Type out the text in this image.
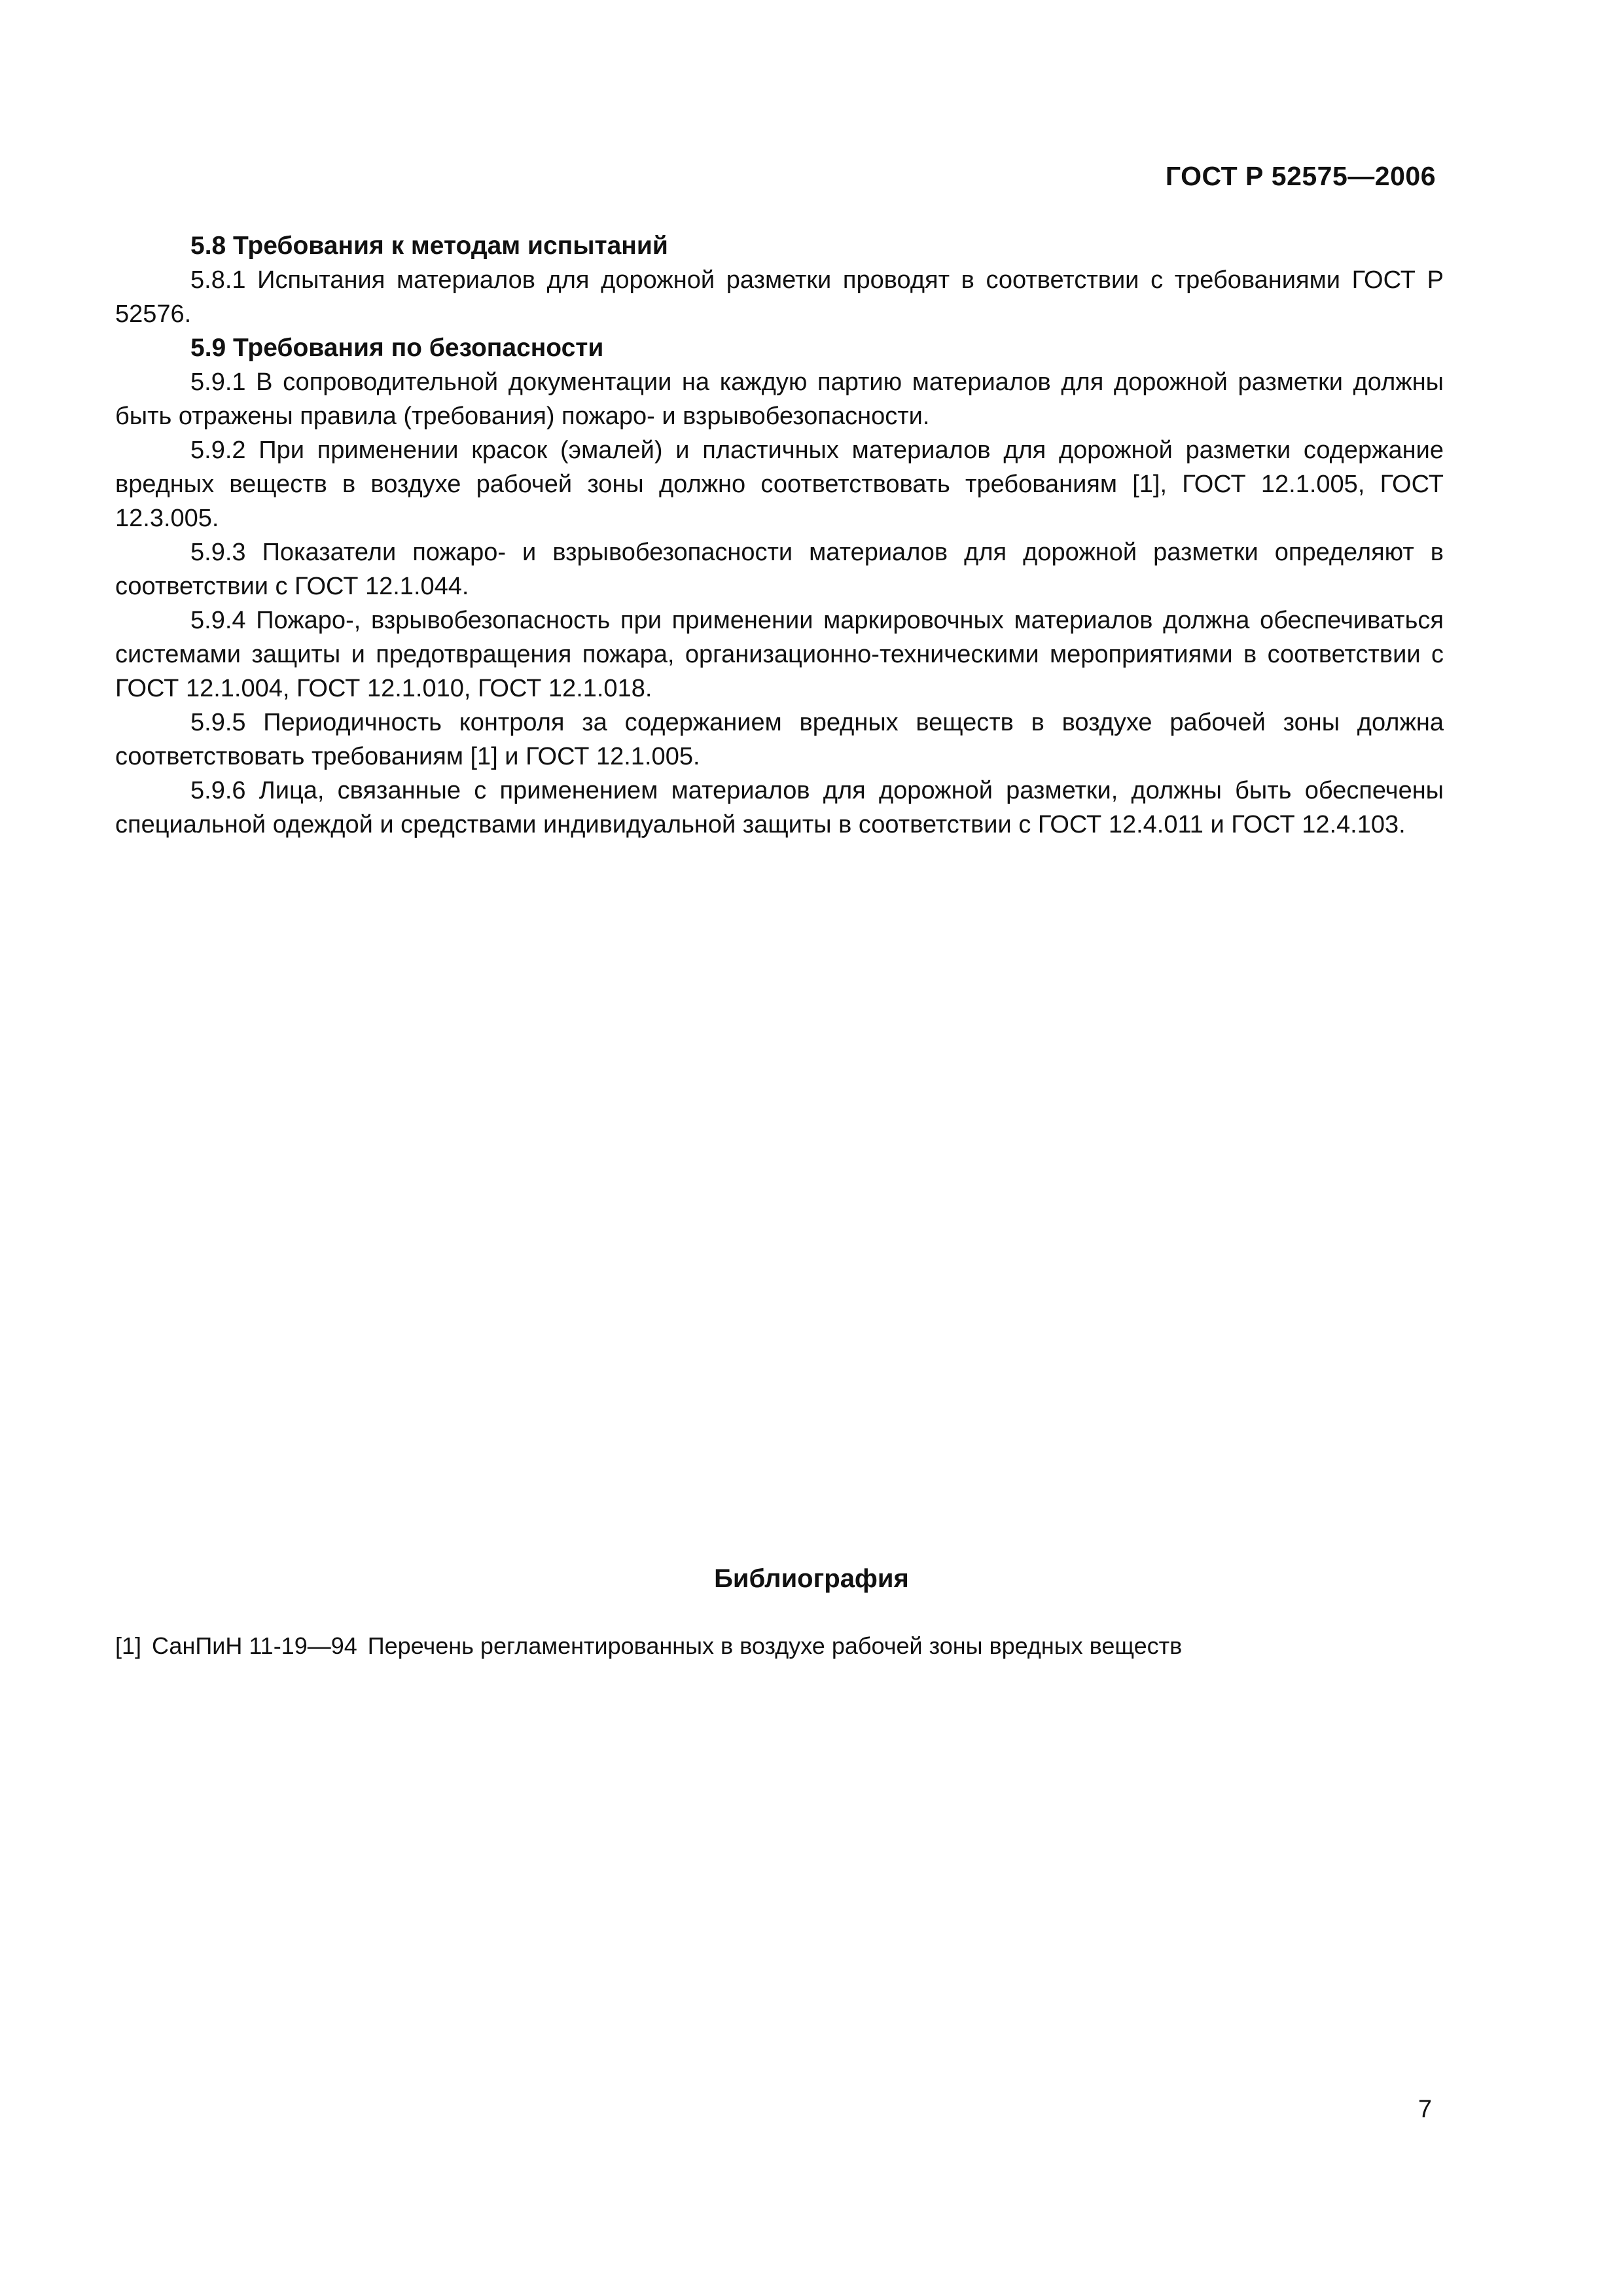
ГОСТ Р 52575—2006

5.8 Требования к методам испытаний

5.8.1 Испытания материалов для дорожной разметки проводят в соответствии с требованиями ГОСТ Р 52576.

5.9 Требования по безопасности

5.9.1 В сопроводительной документации на каждую партию материалов для дорожной разметки должны быть отражены правила (требования) пожаро- и взрывобезопасности.

5.9.2 При применении красок (эмалей) и пластичных материалов для дорожной разметки содержание вредных веществ в воздухе рабочей зоны должно соответствовать требованиям [1], ГОСТ 12.1.005, ГОСТ 12.3.005.

5.9.3 Показатели пожаро- и взрывобезопасности материалов для дорожной разметки определяют в соответствии с ГОСТ 12.1.044.

5.9.4 Пожаро-, взрывобезопасность при применении маркировочных материалов должна обеспечиваться системами защиты и предотвращения пожара, организационно-техническими мероприятиями в соответствии с ГОСТ 12.1.004, ГОСТ 12.1.010, ГОСТ 12.1.018.

5.9.5 Периодичность контроля за содержанием вредных веществ в воздухе рабочей зоны должна соответствовать требованиям [1] и ГОСТ 12.1.005.

5.9.6 Лица, связанные с применением материалов для дорожной разметки, должны быть обеспечены специальной одеждой и средствами индивидуальной защиты в соответствии с ГОСТ 12.4.011 и ГОСТ 12.4.103.

Библиография

[1] СанПиН 11-19—94 Перечень регламентированных в воздухе рабочей зоны вредных веществ

7
